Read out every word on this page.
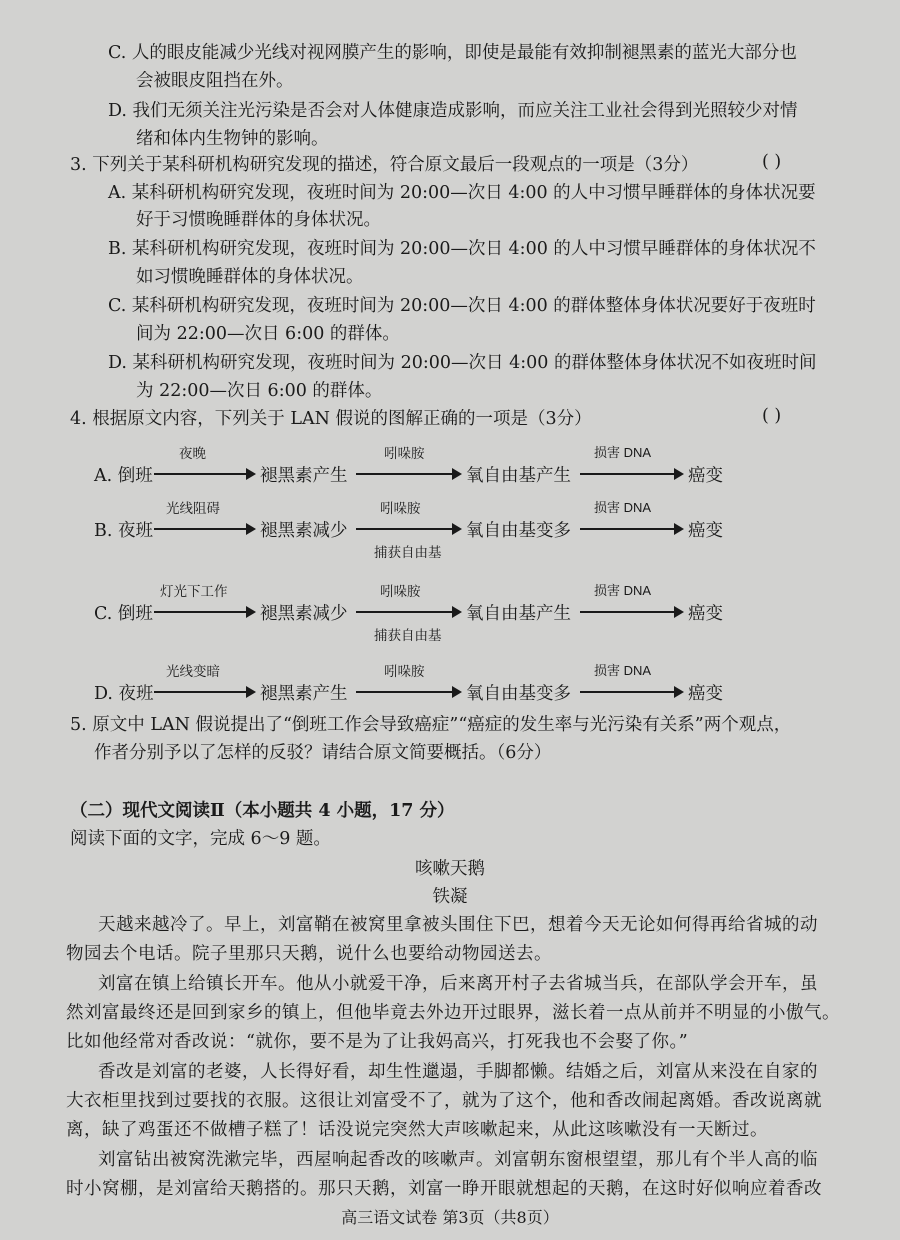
C. 人的眼皮能减少光线对视网膜产生的影响，即使是最能有效抑制褪黑素的蓝光大部分也
会被眼皮阻挡在外。
D. 我们无须关注光污染是否会对人体健康造成影响，而应关注工业社会得到光照较少对情
绪和体内生物钟的影响。
3. 下列关于某科研机构研究发现的描述，符合原文最后一段观点的一项是（3分）	( )
A. 某科研机构研究发现，夜班时间为 20:00—次日 4:00 的人中习惯早睡群体的身体状况要
好于习惯晚睡群体的身体状况。
B. 某科研机构研究发现，夜班时间为 20:00—次日 4:00 的人中习惯早睡群体的身体状况不
如习惯晚睡群体的身体状况。
C. 某科研机构研究发现，夜班时间为 20:00—次日 4:00 的群体整体身体状况要好于夜班时
间为 22:00—次日 6:00 的群体。
D. 某科研机构研究发现，夜班时间为 20:00—次日 4:00 的群体整体身体状况不如夜班时间
为 22:00—次日 6:00 的群体。
4. 根据原文内容，下列关于 LAN 假说的图解正确的一项是（3分）	( )
A. 倒班
夜晚
褪黑素产生
吲哚胺
氧自由基产生
损害 DNA
癌变
B. 夜班
光线阻碍
褪黑素减少
吲哚胺
捕获自由基
氧自由基变多
损害 DNA
癌变
C. 倒班
灯光下工作
褪黑素减少
吲哚胺
捕获自由基
氧自由基产生
损害 DNA
癌变
D. 夜班
光线变暗
褪黑素产生
吲哚胺
氧自由基变多
损害 DNA
癌变
5. 原文中 LAN 假说提出了“倒班工作会导致癌症”“癌症的发生率与光污染有关系”两个观点，
作者分别予以了怎样的反驳？请结合原文简要概括。（6分）
（二）现代文阅读Ⅱ（本小题共 4 小题，17 分）
阅读下面的文字，完成 6～9 题。
咳嗽天鹅
铁凝
天越来越冷了。早上，刘富鞘在被窝里拿被头围住下巴，想着今天无论如何得再给省城的动
物园去个电话。院子里那只天鹅，说什么也要给动物园送去。
刘富在镇上给镇长开车。他从小就爱干净，后来离开村子去省城当兵，在部队学会开车，虽
然刘富最终还是回到家乡的镇上，但他毕竟去外边开过眼界，滋长着一点从前并不明显的小傲气。
比如他经常对香改说：“就你，要不是为了让我妈高兴，打死我也不会娶了你。”
香改是刘富的老婆，人长得好看，却生性邋遢，手脚都懒。结婚之后，刘富从来没在自家的
大衣柜里找到过要找的衣服。这很让刘富受不了，就为了这个，他和香改闹起离婚。香改说离就
离，缺了鸡蛋还不做槽子糕了！话没说完突然大声咳嗽起来，从此这咳嗽没有一天断过。
刘富钻出被窝洗漱完毕，西屋响起香改的咳嗽声。刘富朝东窗根望望，那儿有个半人高的临
时小窝棚，是刘富给天鹅搭的。那只天鹅，刘富一睁开眼就想起的天鹅，在这时好似响应着香改
高三语文试卷 第3页（共8页）
